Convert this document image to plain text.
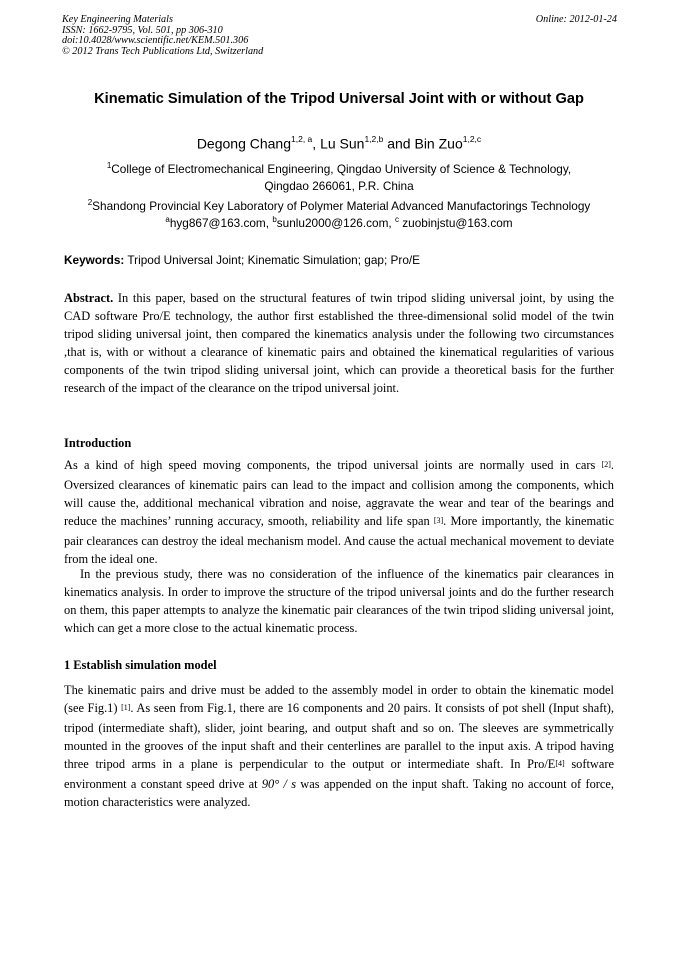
Key Engineering Materials
ISSN: 1662-9795, Vol. 501, pp 306-310
doi:10.4028/www.scientific.net/KEM.501.306
© 2012 Trans Tech Publications Ltd, Switzerland
Online: 2012-01-24
Kinematic Simulation of the Tripod Universal Joint with or without Gap
Degong Chang$^{1,2, a}$, Lu Sun$^{1,2,b}$ and Bin Zuo$^{1,2,c}$
$^1$College of Electromechanical Engineering, Qingdao University of Science & Technology,
Qingdao 266061, P.R. China
$^2$Shandong Provincial Key Laboratory of Polymer Material Advanced Manufactorings Technology
$^a$hyg867@163.com, $^b$sunlu2000@126.com, $^c$ zuobinjstu@163.com
Keywords: Tripod Universal Joint; Kinematic Simulation; gap; Pro/E
Abstract. In this paper, based on the structural features of twin tripod sliding universal joint, by using the CAD software Pro/E technology, the author first established the three-dimensional solid model of the twin tripod sliding universal joint, then compared the kinematics analysis under the following two circumstances ,that is, with or without a clearance of kinematic pairs and obtained the kinematical regularities of various components of the twin tripod sliding universal joint, which can provide a theoretical basis for the further research of the impact of the clearance on the tripod universal joint.
Introduction
As a kind of high speed moving components, the tripod universal joints are normally used in cars [2]. Oversized clearances of kinematic pairs can lead to the impact and collision among the components, which will cause the, additional mechanical vibration and noise, aggravate the wear and tear of the bearings and reduce the machines’ running accuracy, smooth, reliability and life span [3]. More importantly, the kinematic pair clearances can destroy the ideal mechanism model. And cause the actual mechanical movement to deviate from the ideal one.
In the previous study, there was no consideration of the influence of the kinematics pair clearances in kinematics analysis. In order to improve the structure of the tripod universal joints and do the further research on them, this paper attempts to analyze the kinematic pair clearances of the twin tripod sliding universal joint, which can get a more close to the actual kinematic process.
1 Establish simulation model
The kinematic pairs and drive must be added to the assembly model in order to obtain the kinematic model (see Fig.1) [1]. As seen from Fig.1, there are 16 components and 20 pairs. It consists of pot shell (Input shaft), tripod (intermediate shaft), slider, joint bearing, and output shaft and so on. The sleeves are symmetrically mounted in the grooves of the input shaft and their centerlines are parallel to the input axis. A tripod having three tripod arms in a plane is perpendicular to the output or intermediate shaft. In Pro/E[4] software environment a constant speed drive at 90° / s was appended on the input shaft. Taking no account of force, motion characteristics were analyzed.
